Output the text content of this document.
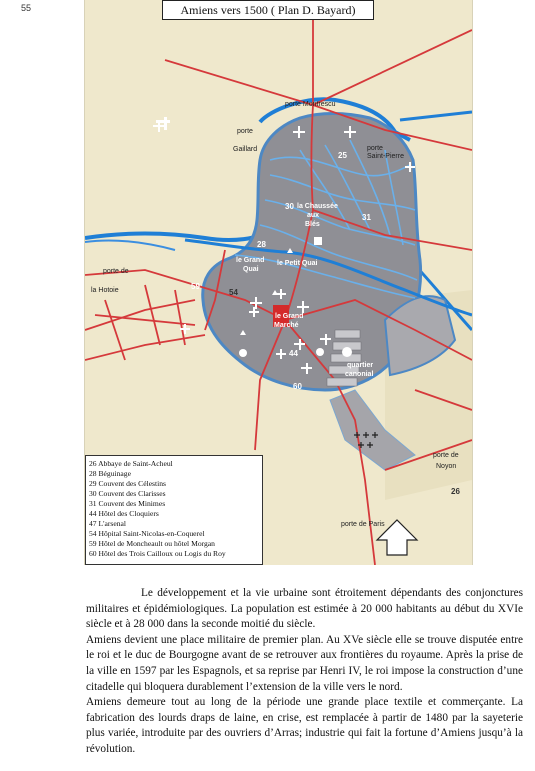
55	Amiens vers 1500 ( Plan D. Bayard)
porte Montrescu
porte
Gaillard	porte
Saint-Pierre
porte de
la Hotoie
la Chaussée
aux
Blés
le Grand
Quai
le Petit Quai
le Grand
Marché
quartier
canonial
porte de
Noyon
porte de Paris
25
30
31
28
59
54
44
60
26
26 Abbaye de Saint-Acheul
28 Béguinage
29 Couvent des Célestins
30 Couvent des Clarisses
31 Couvent des Minimes
44 Hôtel des Cloquiers
47 L'arsenal
54 Hôpital Saint-Nicolas-en-Coquerel
59 Hôtel de Moncheault ou hôtel Morgan
60 Hôtel des Trois Cailloux ou Logis du Roy

Le développement et la vie urbaine sont étroitement dépendants des conjonctures militaires et épidémiologiques. La population est estimée à 20 000 habitants au début du XVIe siècle et à 28 000 dans la seconde moitié du siècle.

Amiens devient une place militaire de premier plan. Au XVe siècle elle se trouve disputée entre le roi et le duc de Bourgogne avant de se retrouver aux frontières du royaume. Après la prise de la ville en 1597 par les Espagnols, et sa reprise par Henri IV, le roi impose la construction d’une citadelle qui bloquera durablement l’extension de la ville vers le nord.

Amiens demeure tout au long de la période une grande place textile et commerçante. La fabrication des lourds draps de laine, en crise, est remplacée à partir de 1480 par la sayeterie plus variée, introduite par des ouvriers d’Arras; industrie qui fait la fortune d’Amiens jusqu’à la révolution.
